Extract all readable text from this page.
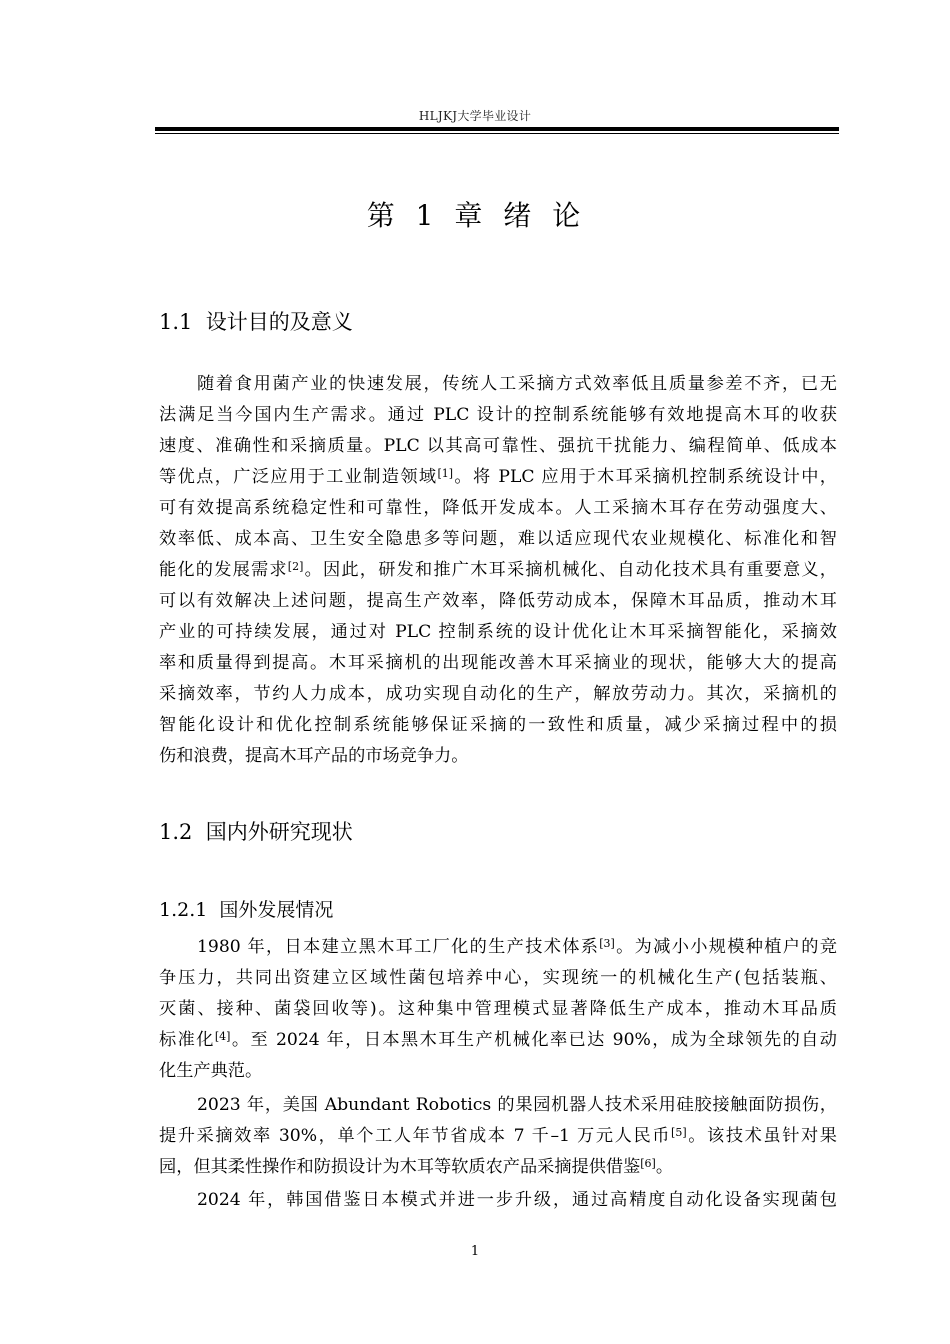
HLJKJ大学毕业设计
第 1 章 绪 论
1.1  设计目的及意义
随着食用菌产业的快速发展，传统人工采摘方式效率低且质量参差不齐，已无
法满足当今国内生产需求。通过 PLC 设计的控制系统能够有效地提高木耳的收获
速度、准确性和采摘质量。PLC 以其高可靠性、强抗干扰能力、编程简单、低成本
等优点，广泛应用于工业制造领域[1]。将 PLC 应用于木耳采摘机控制系统设计中，
可有效提高系统稳定性和可靠性，降低开发成本。人工采摘木耳存在劳动强度大、
效率低、成本高、卫生安全隐患多等问题，难以适应现代农业规模化、标准化和智
能化的发展需求[2]。因此，研发和推广木耳采摘机械化、自动化技术具有重要意义，
可以有效解决上述问题，提高生产效率，降低劳动成本，保障木耳品质，推动木耳
产业的可持续发展，通过对 PLC 控制系统的设计优化让木耳采摘智能化，采摘效
率和质量得到提高。木耳采摘机的出现能改善木耳采摘业的现状，能够大大的提高
采摘效率，节约人力成本，成功实现自动化的生产，解放劳动力。其次，采摘机的
智能化设计和优化控制系统能够保证采摘的一致性和质量，减少采摘过程中的损
伤和浪费，提高木耳产品的市场竞争力。
1.2  国内外研究现状
1.2.1  国外发展情况
1980 年，日本建立黑木耳工厂化的生产技术体系[3]。为减小小规模种植户的竞
争压力，共同出资建立区域性菌包培养中心，实现统一的机械化生产(包括装瓶、
灭菌、接种、菌袋回收等)。这种集中管理模式显著降低生产成本，推动木耳品质
标准化[4]。至 2024 年，日本黑木耳生产机械化率已达 90%，成为全球领先的自动
化生产典范。
2023 年，美国 Abundant Robotics 的果园机器人技术采用硅胶接触面防损伤，
提升采摘效率 30%，单个工人年节省成本 7 千–1 万元人民币[5]。该技术虽针对果
园，但其柔性操作和防损设计为木耳等软质农产品采摘提供借鉴[6]。
2024 年，韩国借鉴日本模式并进一步升级，通过高精度自动化设备实现菌包
1
